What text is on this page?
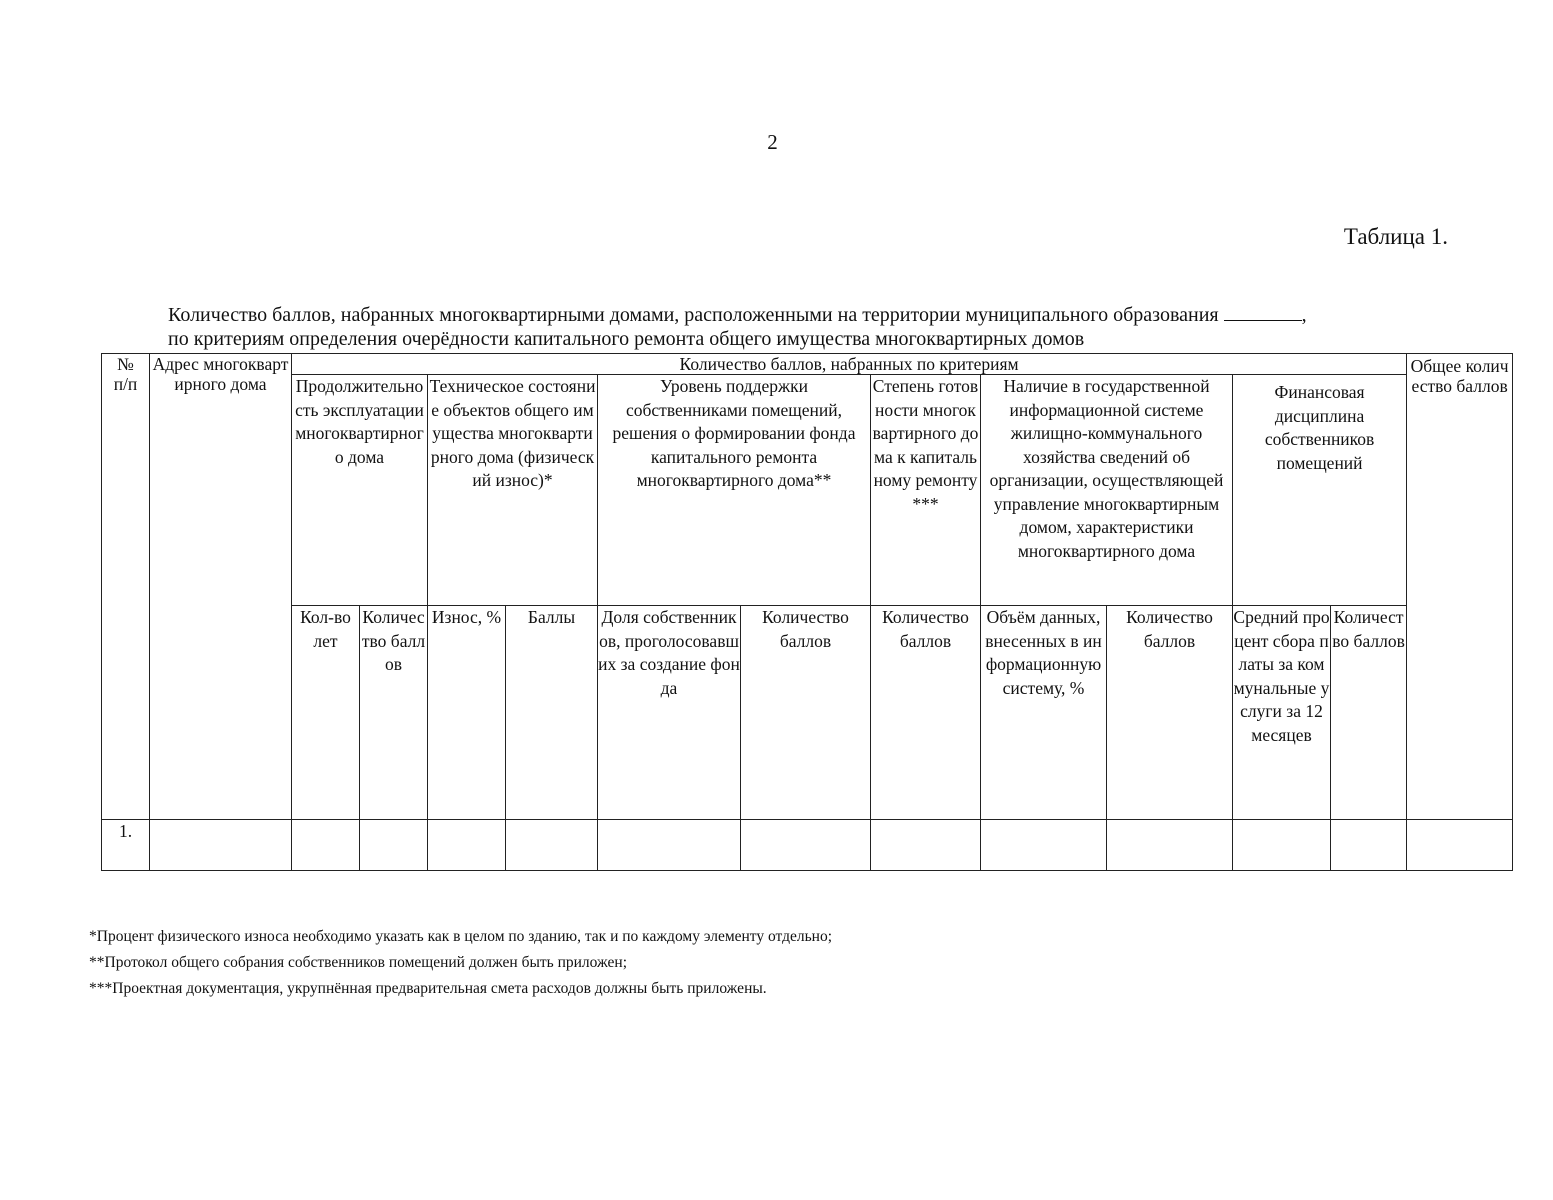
2
Таблица 1.
Количество баллов, набранных многоквартирными домами, расположенными на территории муниципального образования	,
по критериям определения очерёдности капитального ремонта общего имущества многоквартирных домов
№ п/п	Адрес многоквартирного дома	Количество баллов, набранных по критериям											Общее количество баллов

		Продолжительность эксплуатации многоквартирного дома		Техническое состояние объектов общего имущества многоквартирного дома (физический износ)*		Уровень поддержки собственниками помещений, решения о формировании фонда капитального ремонта многоквартирного дома**		Степень готовности многоквартирного дома к капитальному ремонту***	Наличие в государственной информационной системе жилищно-коммунального хозяйства сведений об организации, осуществляющей управление многоквартирным домом, характеристики многоквартирного дома		Финансовая дисциплина собственников помещений		

		Кол-во лет	Количество баллов	Износ, %	Баллы	Доля собственников, проголосовавших за создание фонда	Количество баллов	Количество баллов	Объём данных, внесенных в информационную систему, %	Количество баллов	Средний процент сбора платы за коммунальные услуги за 12 месяцев	Количество баллов	

1.													

*Процент физического износа необходимо указать как в целом по зданию, так и по каждому элементу отдельно;
**Протокол общего собрания собственников помещений должен быть приложен;
***Проектная документация, укрупнённая предварительная смета расходов должны быть приложены.
